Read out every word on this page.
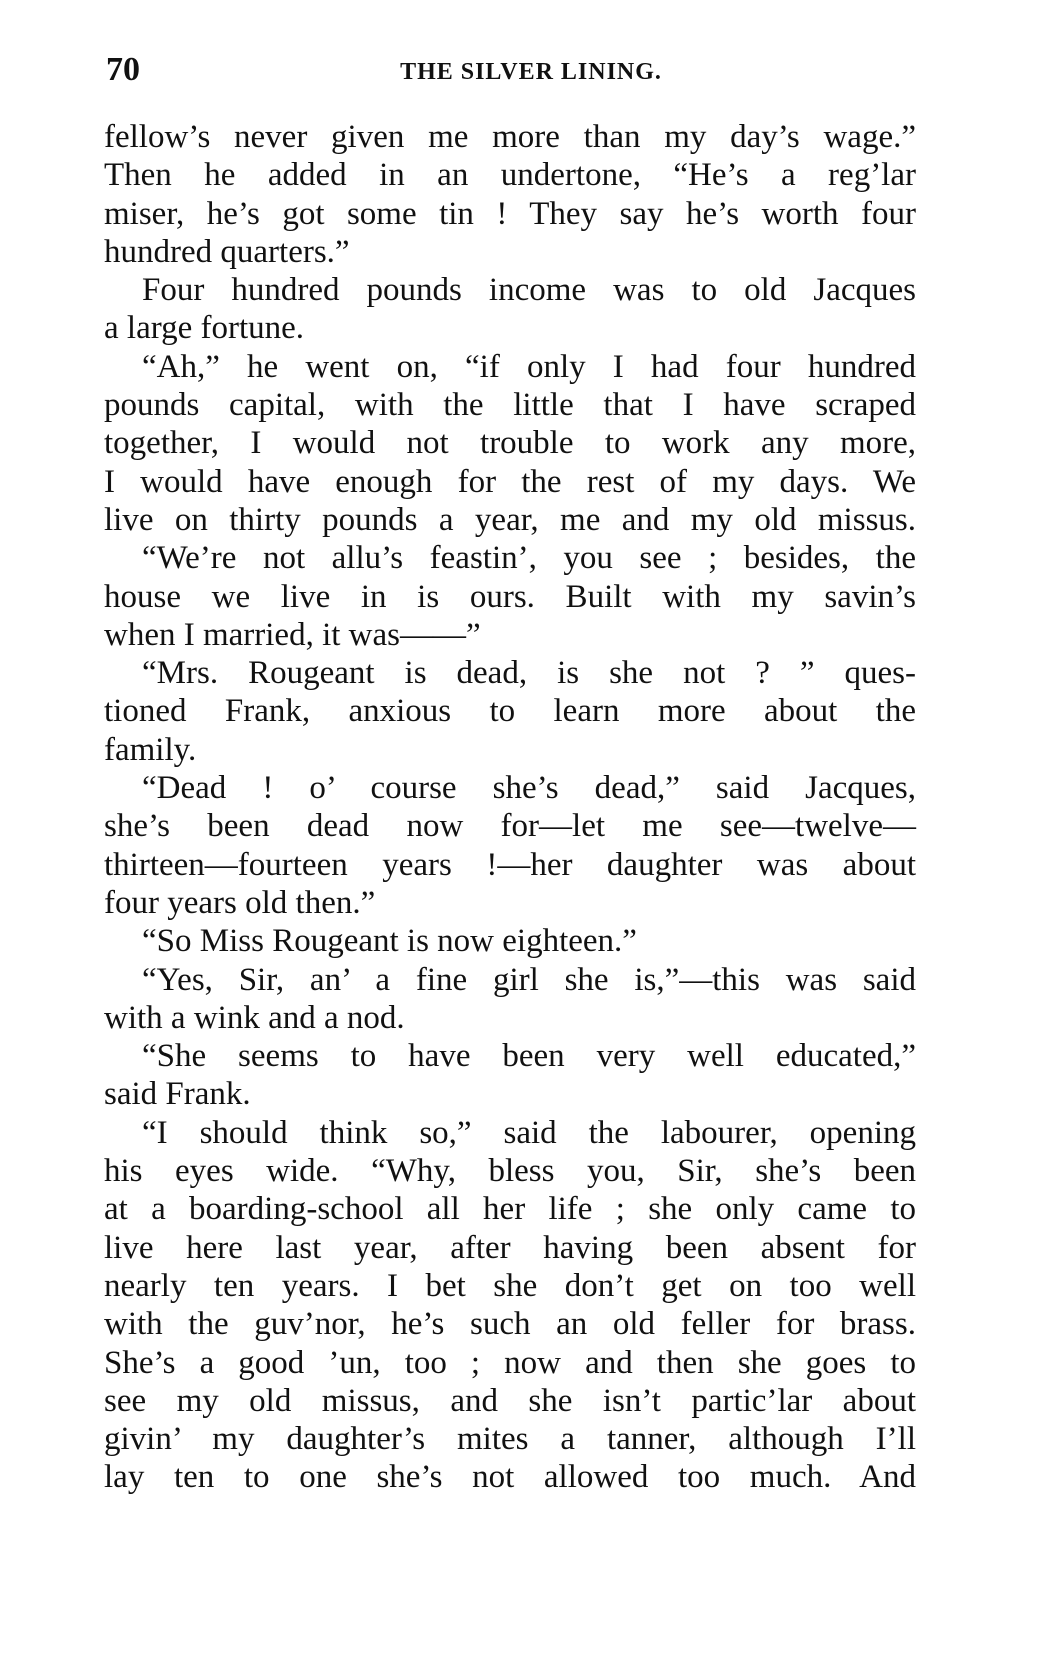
70	THE SILVER LINING.
fellow’s never given me more than my day’s wage.”
Then he added in an undertone, “He’s a reg’lar
miser, he’s got some tin ! They say he’s worth four
hundred quarters.”
Four hundred pounds income was to old Jacques
a large fortune.
“Ah,” he went on, “if only I had four hundred
pounds capital, with the little that I have scraped
together, I would not trouble to work any more,
I would have enough for the rest of my days. We
live on thirty pounds a year, me and my old missus.
“We’re not allu’s feastin’, you see ; besides, the
house we live in is ours. Built with my savin’s
when I married, it was——”
“Mrs. Rougeant is dead, is she not ? ” ques-
tioned Frank, anxious to learn more about the
family.
“Dead ! o’ course she’s dead,” said Jacques,
she’s been dead now for—let me see—twelve—
thirteen—fourteen years !—her daughter was about
four years old then.”
“So Miss Rougeant is now eighteen.”
“Yes, Sir, an’ a fine girl she is,”—this was said
with a wink and a nod.
“She seems to have been very well educated,”
said Frank.
“I should think so,” said the labourer, opening
his eyes wide. “Why, bless you, Sir, she’s been
at a boarding-school all her life ; she only came to
live here last year, after having been absent for
nearly ten years. I bet she don’t get on too well
with the guv’nor, he’s such an old feller for brass.
She’s a good ’un, too ; now and then she goes to
see my old missus, and she isn’t partic’lar about
givin’ my daughter’s mites a tanner, although I’ll
lay ten to one she’s not allowed too much. And
